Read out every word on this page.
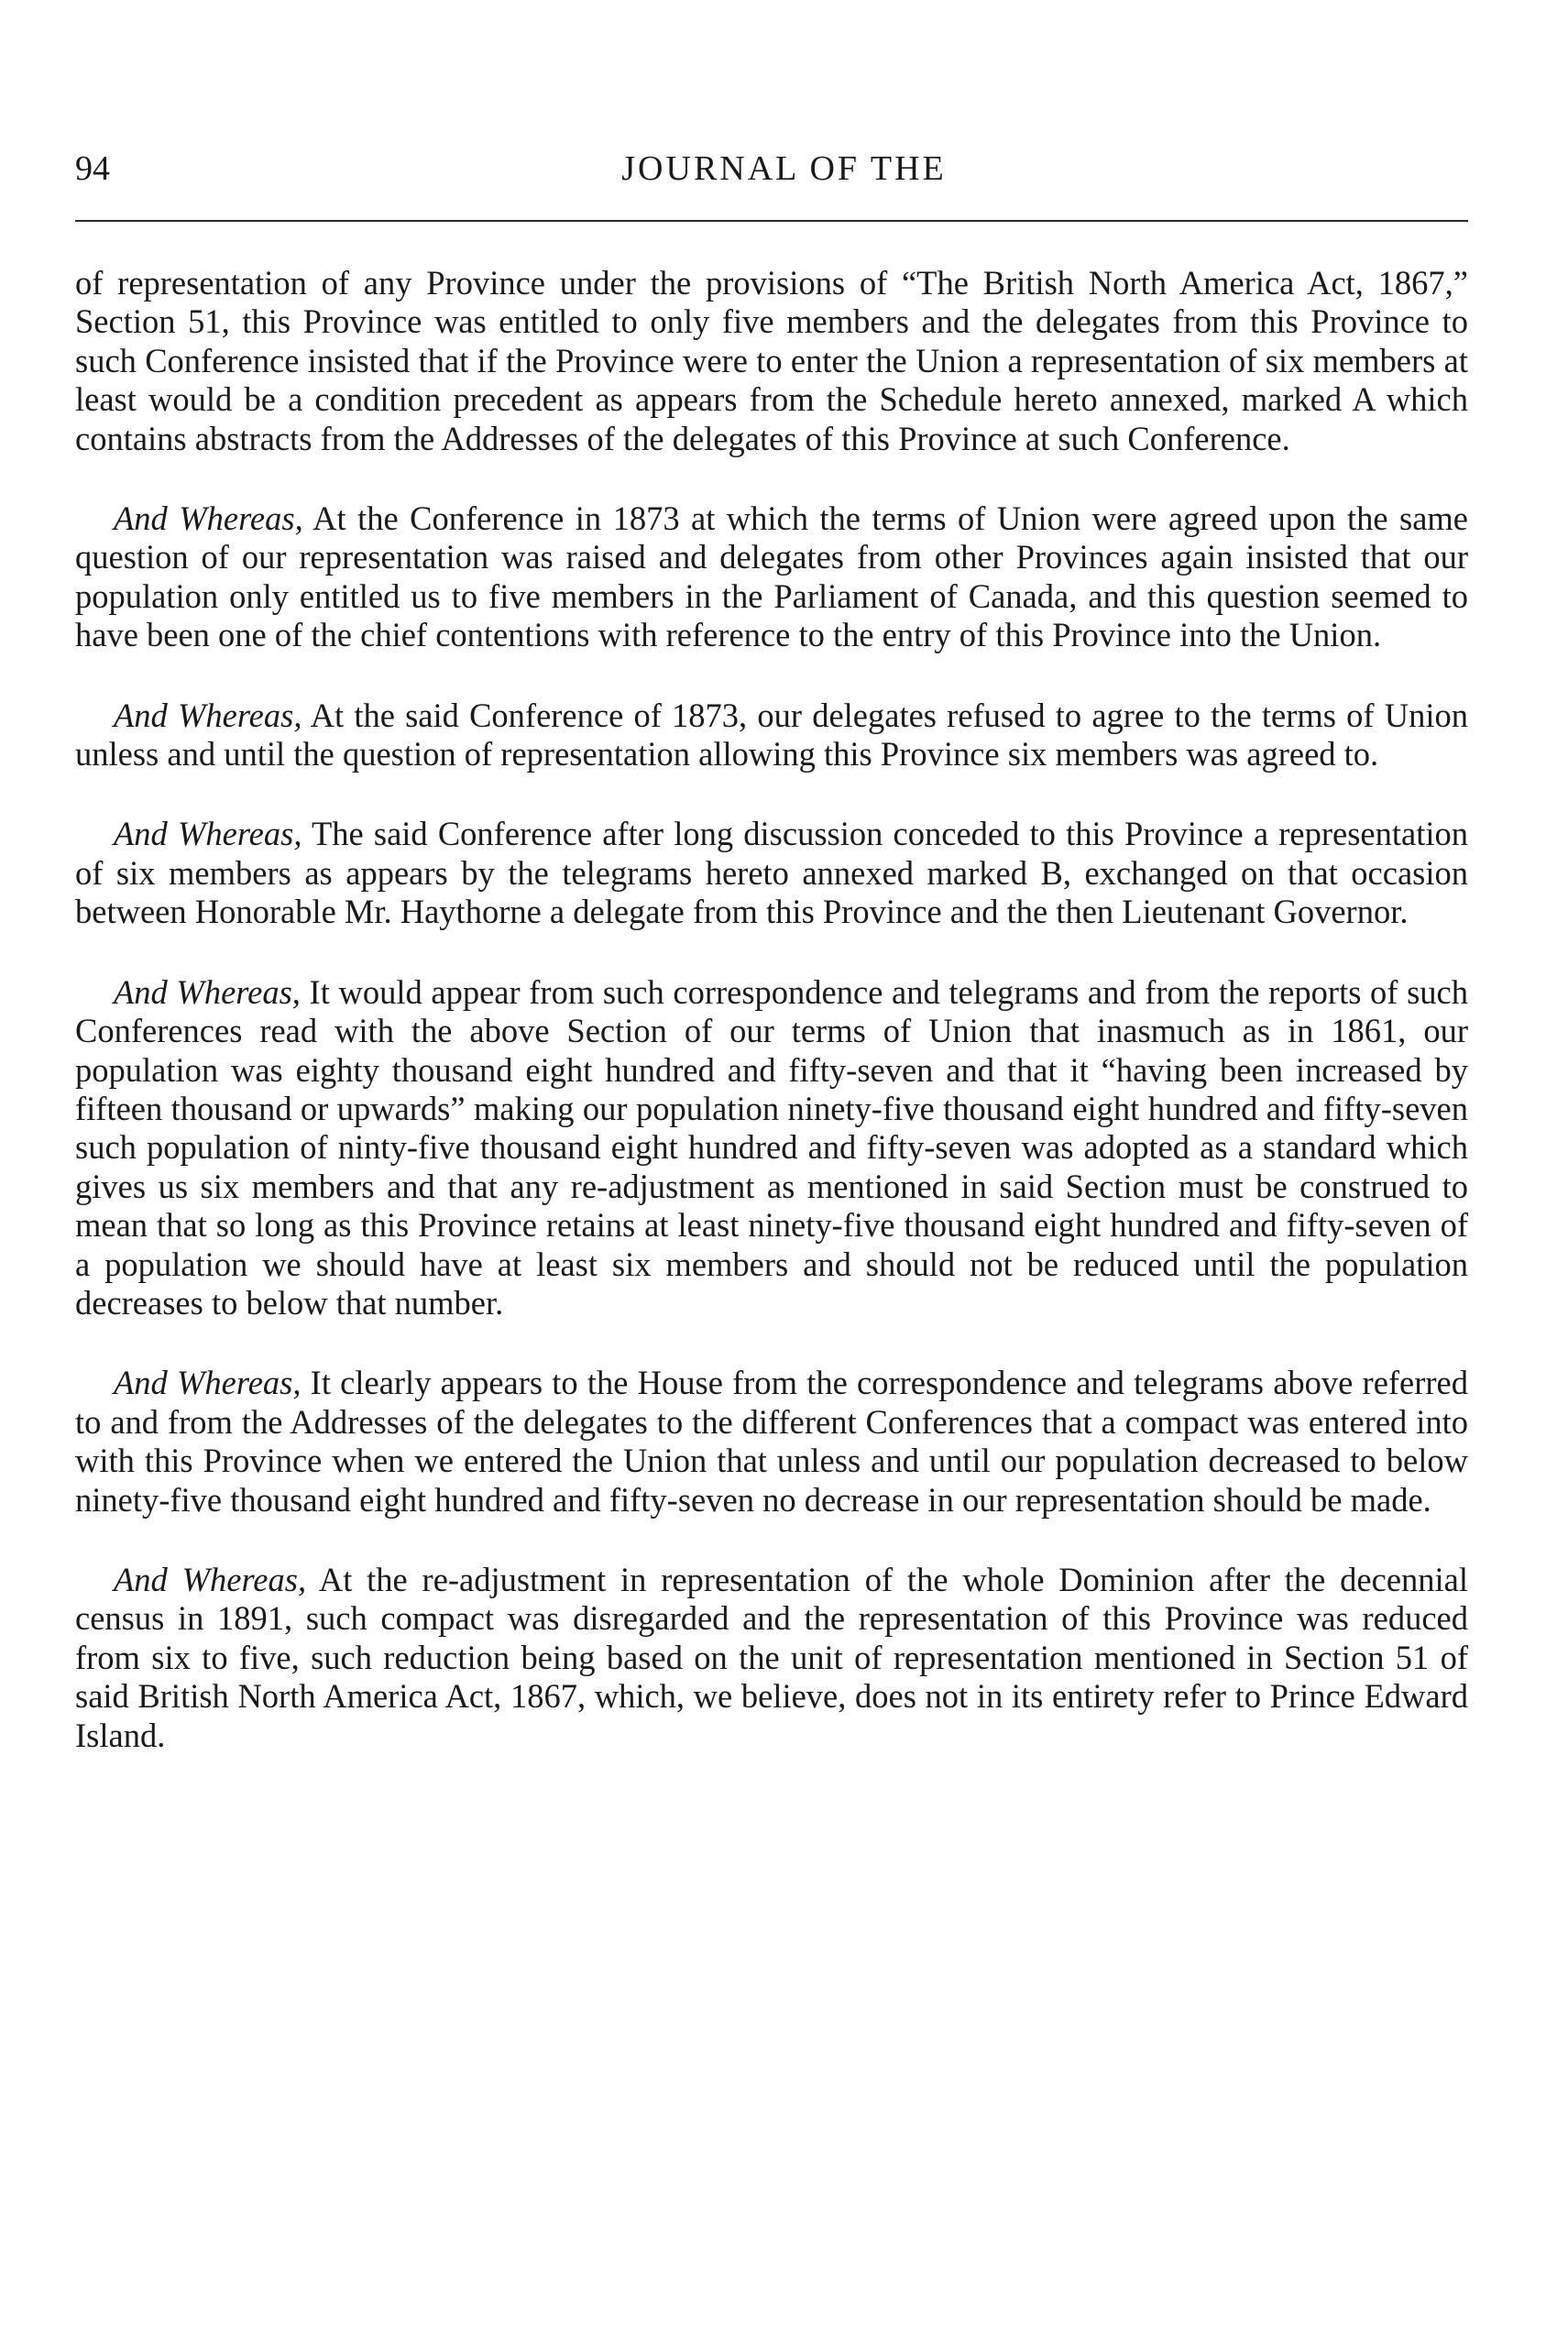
94	JOURNAL OF THE

of representation of any Province under the provisions of “The British North America Act, 1867,” Section 51, this Province was entitled to only five members and the delegates from this Province to such Conference insisted that if the Province were to enter the Union a representation of six members at least would be a condition precedent as appears from the Schedule hereto annexed, marked A which contains abstracts from the Addresses of the delegates of this Province at such Conference.

And Whereas, At the Conference in 1873 at which the terms of Union were agreed upon the same question of our representation was raised and delegates from other Provinces again insisted that our population only entitled us to five members in the Parliament of Canada, and this question seemed to have been one of the chief contentions with reference to the entry of this Province into the Union.

And Whereas, At the said Conference of 1873, our delegates refused to agree to the terms of Union unless and until the question of representation allowing this Province six members was agreed to.

And Whereas, The said Conference after long discussion conceded to this Province a representation of six members as appears by the telegrams hereto annexed marked B, exchanged on that occasion between Honorable Mr. Haythorne a delegate from this Province and the then Lieutenant Governor.

And Whereas, It would appear from such correspondence and telegrams and from the reports of such Conferences read with the above Section of our terms of Union that inasmuch as in 1861, our population was eighty thousand eight hundred and fifty-seven and that it “having been increased by fifteen thousand or upwards” making our population ninety-five thousand eight hundred and fifty-seven such population of ninty-five thousand eight hundred and fifty-seven was adopted as a standard which gives us six members and that any re-adjustment as mentioned in said Section must be construed to mean that so long as this Province retains at least ninety-five thousand eight hundred and fifty-seven of a population we should have at least six members and should not be reduced until the population decreases to below that number.

And Whereas, It clearly appears to the House from the correspondence and telegrams above referred to and from the Addresses of the delegates to the different Conferences that a compact was entered into with this Province when we entered the Union that unless and until our population decreased to below ninety-five thousand eight hundred and fifty-seven no decrease in our representation should be made.

And Whereas, At the re-adjustment in representation of the whole Dominion after the decennial census in 1891, such compact was disregarded and the representation of this Province was reduced from six to five, such reduction being based on the unit of representation mentioned in Section 51 of said British North America Act, 1867, which, we believe, does not in its entirety refer to Prince Edward Island.
